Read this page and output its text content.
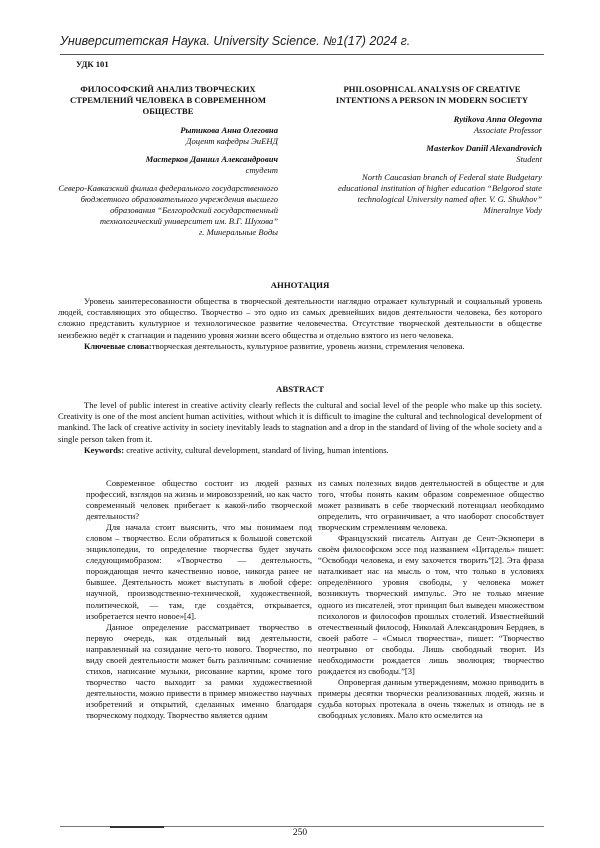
Университетская Наука. University Science. №1(17) 2024 г.
УДК 101
ФИЛОСОФСКИЙ АНАЛИЗ ТВОРЧЕСКИХ СТРЕМЛЕНИЙ ЧЕЛОВЕКА В СОВРЕМЕННОМ ОБЩЕСТВЕ
Рытикова Анна Олеговна
Доцент кафедры ЭиЕНД
Мастерков Даниил Александрович
студент
Северо-Кавказский филиал федерального государственного бюджетного образовательного учреждения высшего образования “Белгородский государственный технологический университет им. В.Г. Шухова”
г. Минеральные Воды
PHILOSOPHICAL ANALYSIS OF CREATIVE INTENTIONS A PERSON IN MODERN SOCIETY
Rytikova Anna Olegovna
Associate Professor
Masterkov Daniil Alexandrovich
Student
North Caucasian branch of Federal state Budgetary educational institution of higher education “Belgorod state technological University named after. V. G. Shukhov”
Mineralnye Vody
АННОТАЦИЯ

Уровень заинтересованности общества в творческой деятельности наглядно отражает культурный и социальный уровень людей, составляющих это общество. Творчество – это одно из самых древнейших видов деятельности человека, без которого сложно представить культурное и технологическое развитие человечества. Отсутствие творческой деятельности в обществе неизбежно ведёт к стагнации и падению уровня жизни всего общества и отдельно взятого из него человека.

Ключевые слова:творческая деятельность, культурное развитие, уровень жизни, стремления человека.

ABSTRACT

The level of public interest in creative activity clearly reflects the cultural and social level of the people who make up this society. Creativity is one of the most ancient human activities, without which it is difficult to imagine the cultural and technological development of mankind. The lack of creative activity in society inevitably leads to stagnation and a drop in the standard of living of the whole society and a single person taken from it.

Keywords: creative activity, cultural development, standard of living, human intentions.

Современное общество состоит из людей разных профессий, взглядов на жизнь и мировоззрений, но как часто современный человек прибегает к какой-либо творческой деятельности?

Для начала стоит выяснить, что мы понимаем под словом – творчество. Если обратиться к большой советской энциклопедии, то определение творчества будет звучать следующимобразом: «Творчество — деятельность, порождающая нечто качественно новое, никогда ранее не бывшее. Деятельность может выступать в любой сфере: научной, производственно-технической, художественной, политической, — там, где создаётся, открывается, изобретается нечто новое»[4].

Данное определение рассматривает творчество в первую очередь, как отдельный вид деятельности, направленный на созидание чего-то нового. Творчество, по виду своей деятельности может быть различным: сочинение стихов, написание музыки, рисование картин, кроме того творчество часто выходит за рамки художественной деятельности, можно привести в пример множество научных изобретений и открытий, сделанных именно благодаря творческому подходу. Творчество является одним

из самых полезных видов деятельностей в обществе и для того, чтобы понять каким образом современное общество может развивать в себе творческий потенциал необходимо определить, что ограничивает, а что наоборот способствует творческим стремлениям человека.

Французский писатель Антуан де Сент-Экзюпери в своём философском эссе под названием «Цитадель» пишет: “Освободи человека, и ему захочется творить”[2]. Эта фраза наталкивает нас на мысль о том, что только в условиях определённого уровня свободы, у человека может возникнуть творческий импульс. Это не только мнение одного из писателей, этот принцип был выведен множеством психологов и философов прошлых столетий. Известнейший отечественный философ, Николай Александрович Бердяев, в своей работе – «Смысл творчества», пишет: “Творчество неотрывно от свободы. Лишь свободный творит. Из необходимости рождается лишь эволюция; творчество рождается из свободы.”[3]

Опровергая данным утверждениям, можно приводить в примеры десятки творчески реализованных людей, жизнь и судьба которых протекала в очень тяжелых и отнюдь не в свободных условиях. Мало кто осмелится на

250
